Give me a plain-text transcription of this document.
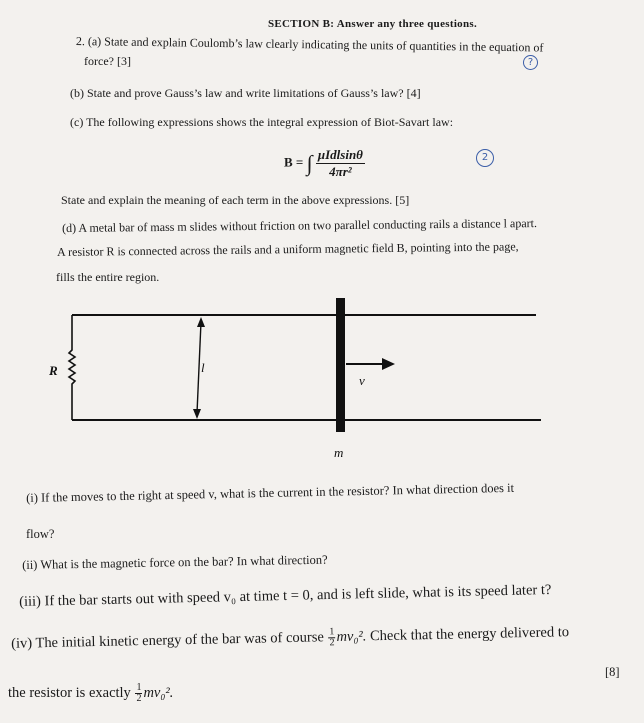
SECTION B: Answer any three questions.
2. (a) State and explain Coulomb’s law clearly indicating the units of quantities in the equation of
force? [3]	?
(b) State and prove Gauss’s law and write limitations of Gauss’s law? [4]
(c) The following expressions shows the integral expression of Biot-Savart law:
B = ∫ μIdlsinθ
4πr²
2
State and explain the meaning of each term in the above expressions. [5]
(d) A metal bar of mass m slides without friction on two parallel conducting rails a distance l apart.
A resistor R is connected across the rails and a uniform magnetic field B, pointing into the page,
fills the entire region.
R	l
v
m
(i) If the moves to the right at speed v, what is the current in the resistor? In what direction does it
flow?
(ii) What is the magnetic force on the bar? In what direction?
(iii) If the bar starts out with speed v₀ at time t = 0, and is left slide, what is its speed later t?
(iv) The initial kinetic energy of the bar was of course $\frac{1}{2} mv_0^2$. Check that the energy delivered to
[8]
the resistor is exactly $\frac{1}{2} mv_0^2$.
